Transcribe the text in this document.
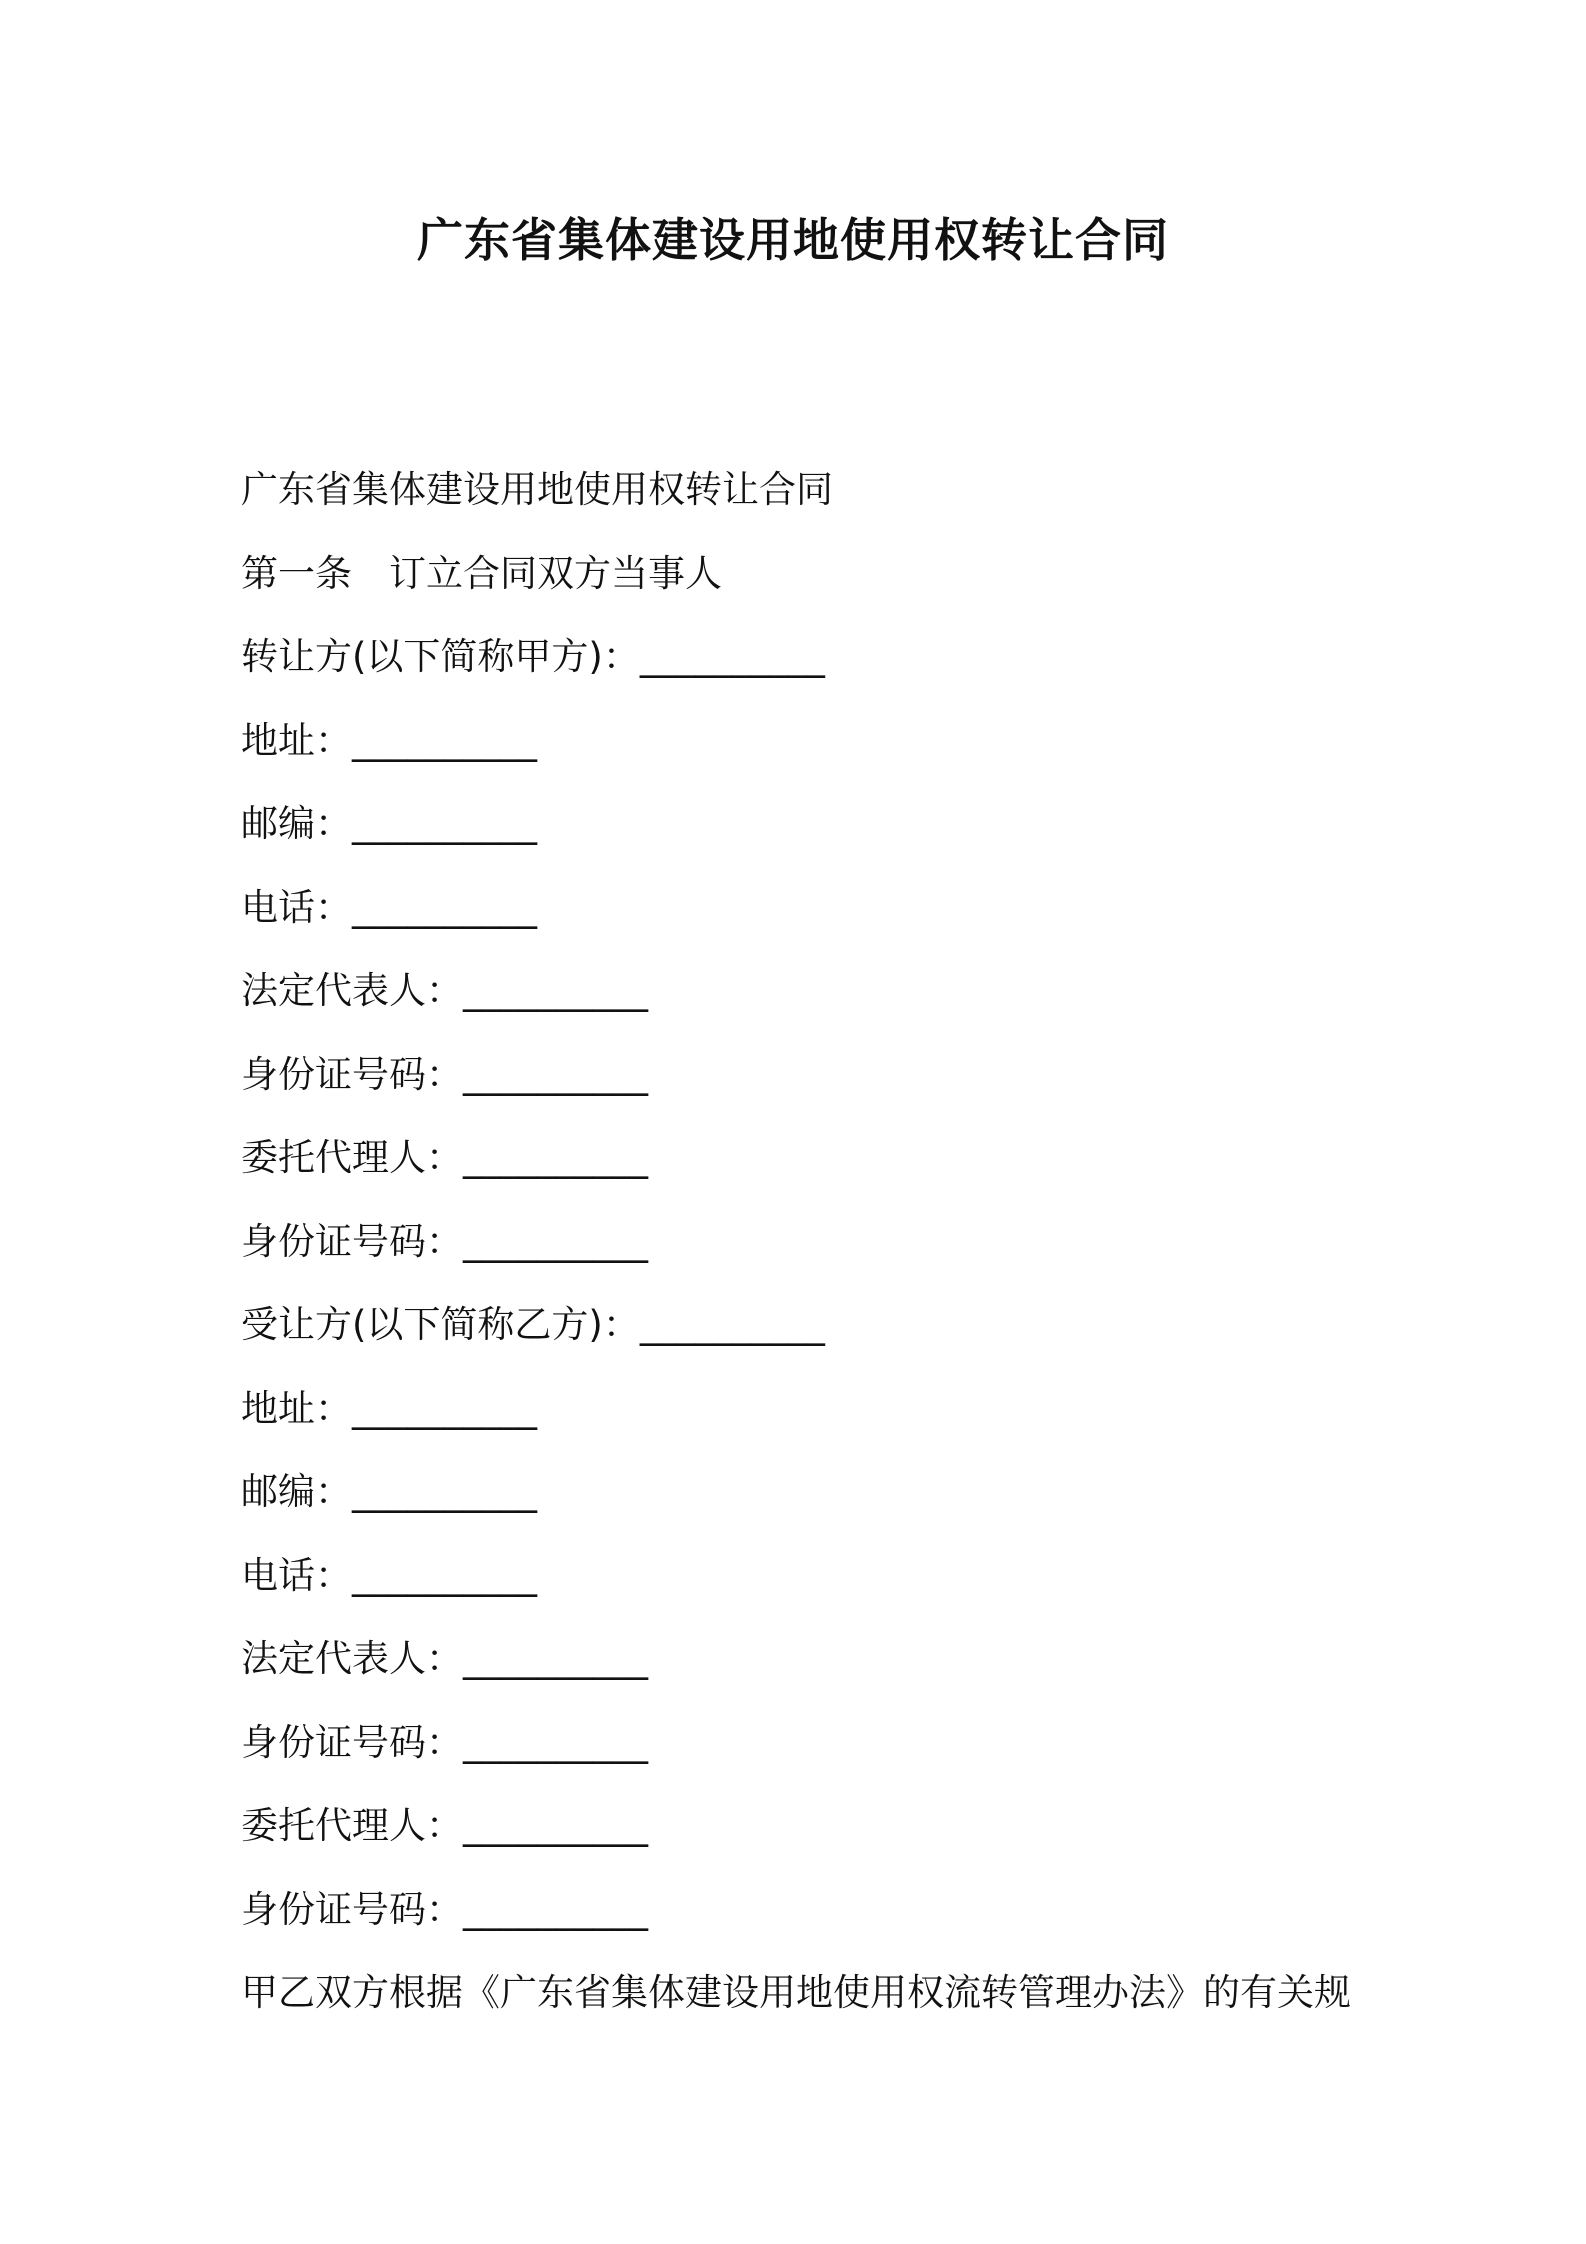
广东省集体建设用地使用权转让合同

广东省集体建设用地使用权转让合同

第一条　订立合同双方当事人

转让方(以下简称甲方)：__________

地址：__________

邮编：__________

电话：__________

法定代表人：__________

身份证号码：__________

委托代理人：__________

身份证号码：__________

受让方(以下简称乙方)：__________

地址：__________

邮编：__________

电话：__________

法定代表人：__________

身份证号码：__________

委托代理人：__________

身份证号码：__________

甲乙双方根据《广东省集体建设用地使用权流转管理办法》的有关规
